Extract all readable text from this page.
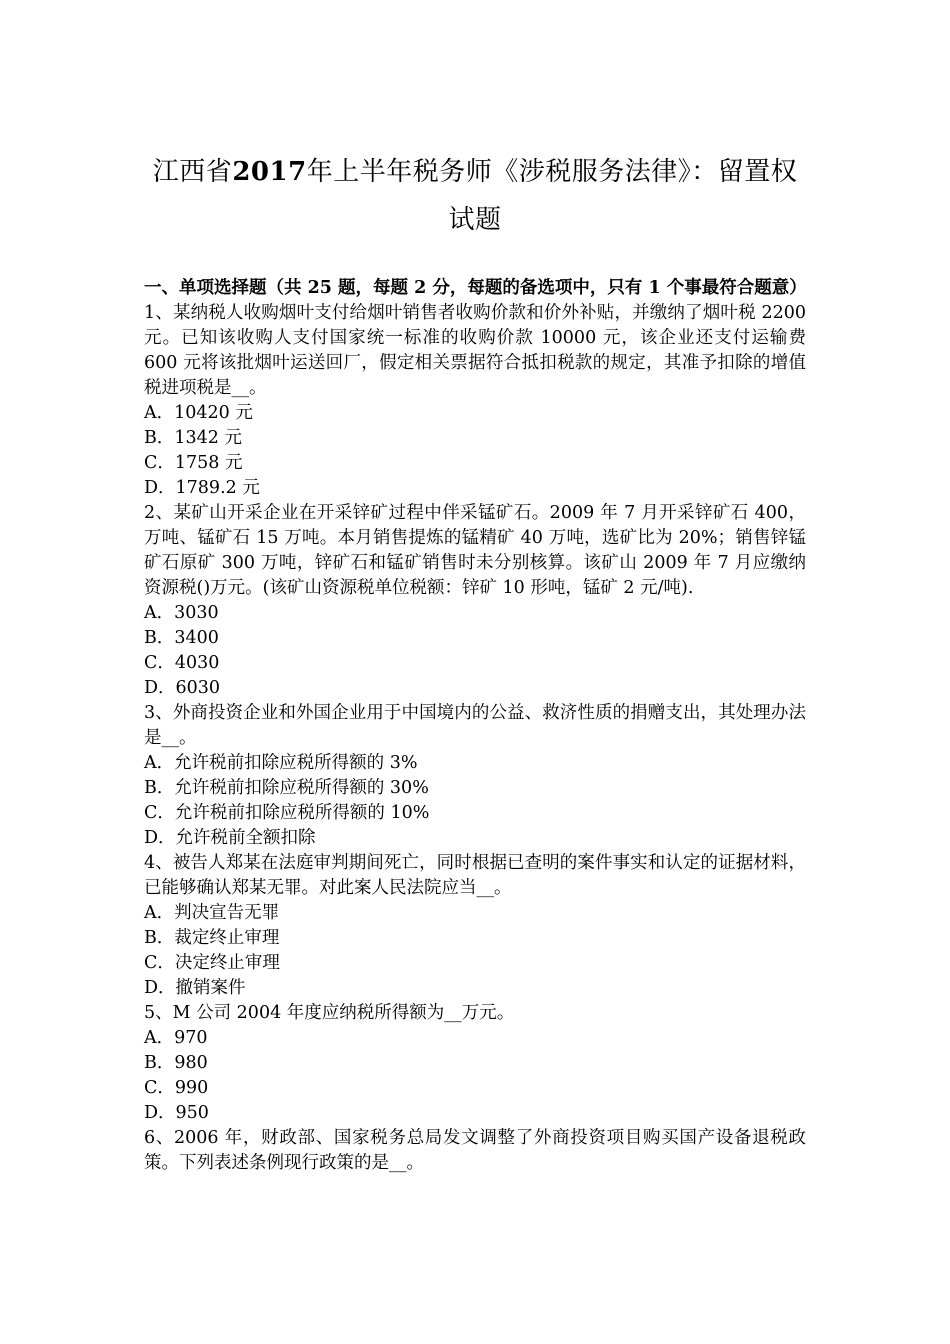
江西省2017年上半年税务师《涉税服务法律》：留置权试题
一、单项选择题（共 25 题，每题 2 分，每题的备选项中，只有 1 个事最符合题意）
1、某纳税人收购烟叶支付给烟叶销售者收购价款和价外补贴，并缴纳了烟叶税 2200 元。已知该收购人支付国家统一标准的收购价款 10000 元，该企业还支付运输费 600 元将该批烟叶运送回厂，假定相关票据符合抵扣税款的规定，其准予扣除的增值税进项税是__。
A．10420 元
B．1342 元
C．1758 元
D．1789.2 元
2、某矿山开采企业在开采锌矿过程中伴采锰矿石。2009 年 7 月开采锌矿石 400，万吨、锰矿石 15 万吨。本月销售提炼的锰精矿 40 万吨，选矿比为 20%；销售锌锰矿石原矿 300 万吨，锌矿石和锰矿销售时未分别核算。该矿山 2009 年 7 月应缴纳资源税()万元。(该矿山资源税单位税额：锌矿 10 形吨，锰矿 2 元/吨).
A．3030
B．3400
C．4030
D．6030
3、外商投资企业和外国企业用于中国境内的公益、救济性质的捐赠支出，其处理办法是__。
A．允许税前扣除应税所得额的 3%
B．允许税前扣除应税所得额的 30%
C．允许税前扣除应税所得额的 10%
D．允许税前全额扣除
4、被告人郑某在法庭审判期间死亡，同时根据已查明的案件事实和认定的证据材料，已能够确认郑某无罪。对此案人民法院应当__。
A．判决宣告无罪
B．裁定终止审理
C．决定终止审理
D．撤销案件
5、M 公司 2004 年度应纳税所得额为__万元。
A．970
B．980
C．990
D．950
6、2006 年，财政部、国家税务总局发文调整了外商投资项目购买国产设备退税政策。下列表述条例现行政策的是__。
